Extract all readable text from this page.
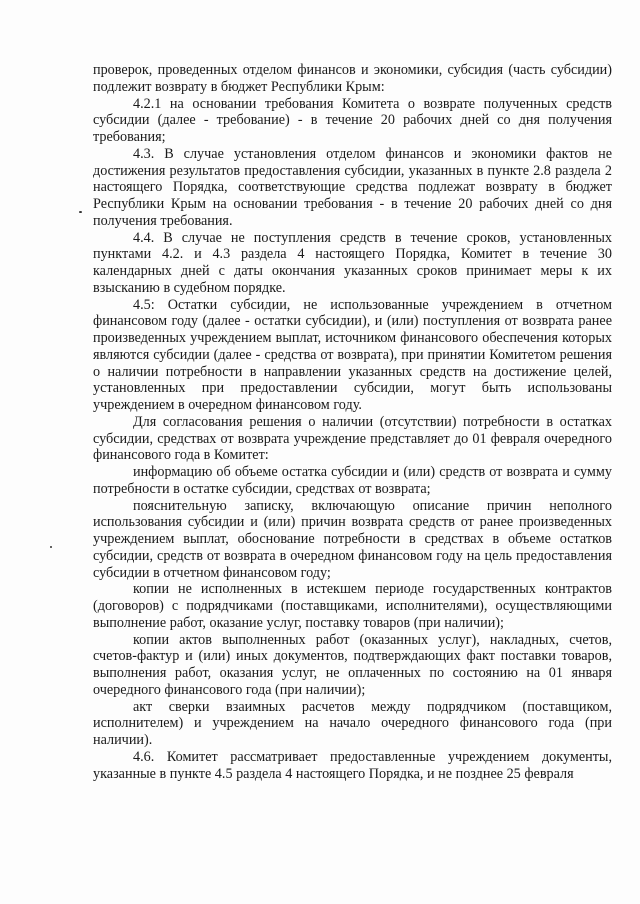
проверок, проведенных отделом финансов и экономики, субсидия (часть субсидии) подлежит возврату в бюджет Республики Крым:

4.2.1 на основании требования Комитета о возврате полученных средств субсидии (далее - требование) - в течение 20 рабочих дней со дня получения требования;

4.3. В случае установления отделом финансов и экономики фактов не достижения результатов предоставления субсидии, указанных в пункте 2.8 раздела 2 настоящего Порядка, соответствующие средства подлежат возврату в бюджет Республики Крым на основании требования - в течение 20 рабочих дней со дня получения требования.

4.4. В случае не поступления средств в течение сроков, установленных пунктами 4.2. и 4.3 раздела 4 настоящего Порядка, Комитет в течение 30 календарных дней с даты окончания указанных сроков принимает меры к их взысканию в судебном порядке.

4.5: Остатки субсидии, не использованные учреждением в отчетном финансовом году (далее - остатки субсидии), и (или) поступления от возврата ранее произведенных учреждением выплат, источником финансового обеспечения которых являются субсидии (далее - средства от возврата), при принятии Комитетом решения о наличии потребности в направлении указанных средств на достижение целей, установленных при предоставлении субсидии, могут быть использованы учреждением в очередном финансовом году.

Для согласования решения о наличии (отсутствии) потребности в остатках субсидии, средствах от возврата учреждение представляет до 01 февраля очередного финансового года в Комитет:

информацию об объеме остатка субсидии и (или) средств от возврата и сумму потребности в остатке субсидии, средствах от возврата;

пояснительную записку, включающую описание причин неполного использования субсидии и (или) причин возврата средств от ранее произведенных учреждением выплат, обоснование потребности в средствах в объеме остатков субсидии, средств от возврата в очередном финансовом году на цель предоставления субсидии в отчетном финансовом году;

копии не исполненных в истекшем периоде государственных контрактов (договоров) с подрядчиками (поставщиками, исполнителями), осуществляющими выполнение работ, оказание услуг, поставку товаров (при наличии);

копии актов выполненных работ (оказанных услуг), накладных, счетов, счетов-фактур и (или) иных документов, подтверждающих факт поставки товаров, выполнения работ, оказания услуг, не оплаченных по состоянию на 01 января очередного финансового года (при наличии);

акт сверки взаимных расчетов между подрядчиком (поставщиком, исполнителем) и учреждением на начало очередного финансового года (при наличии).

4.6. Комитет рассматривает предоставленные учреждением документы, указанные в пункте 4.5 раздела 4 настоящего Порядка, и не позднее 25 февраля
